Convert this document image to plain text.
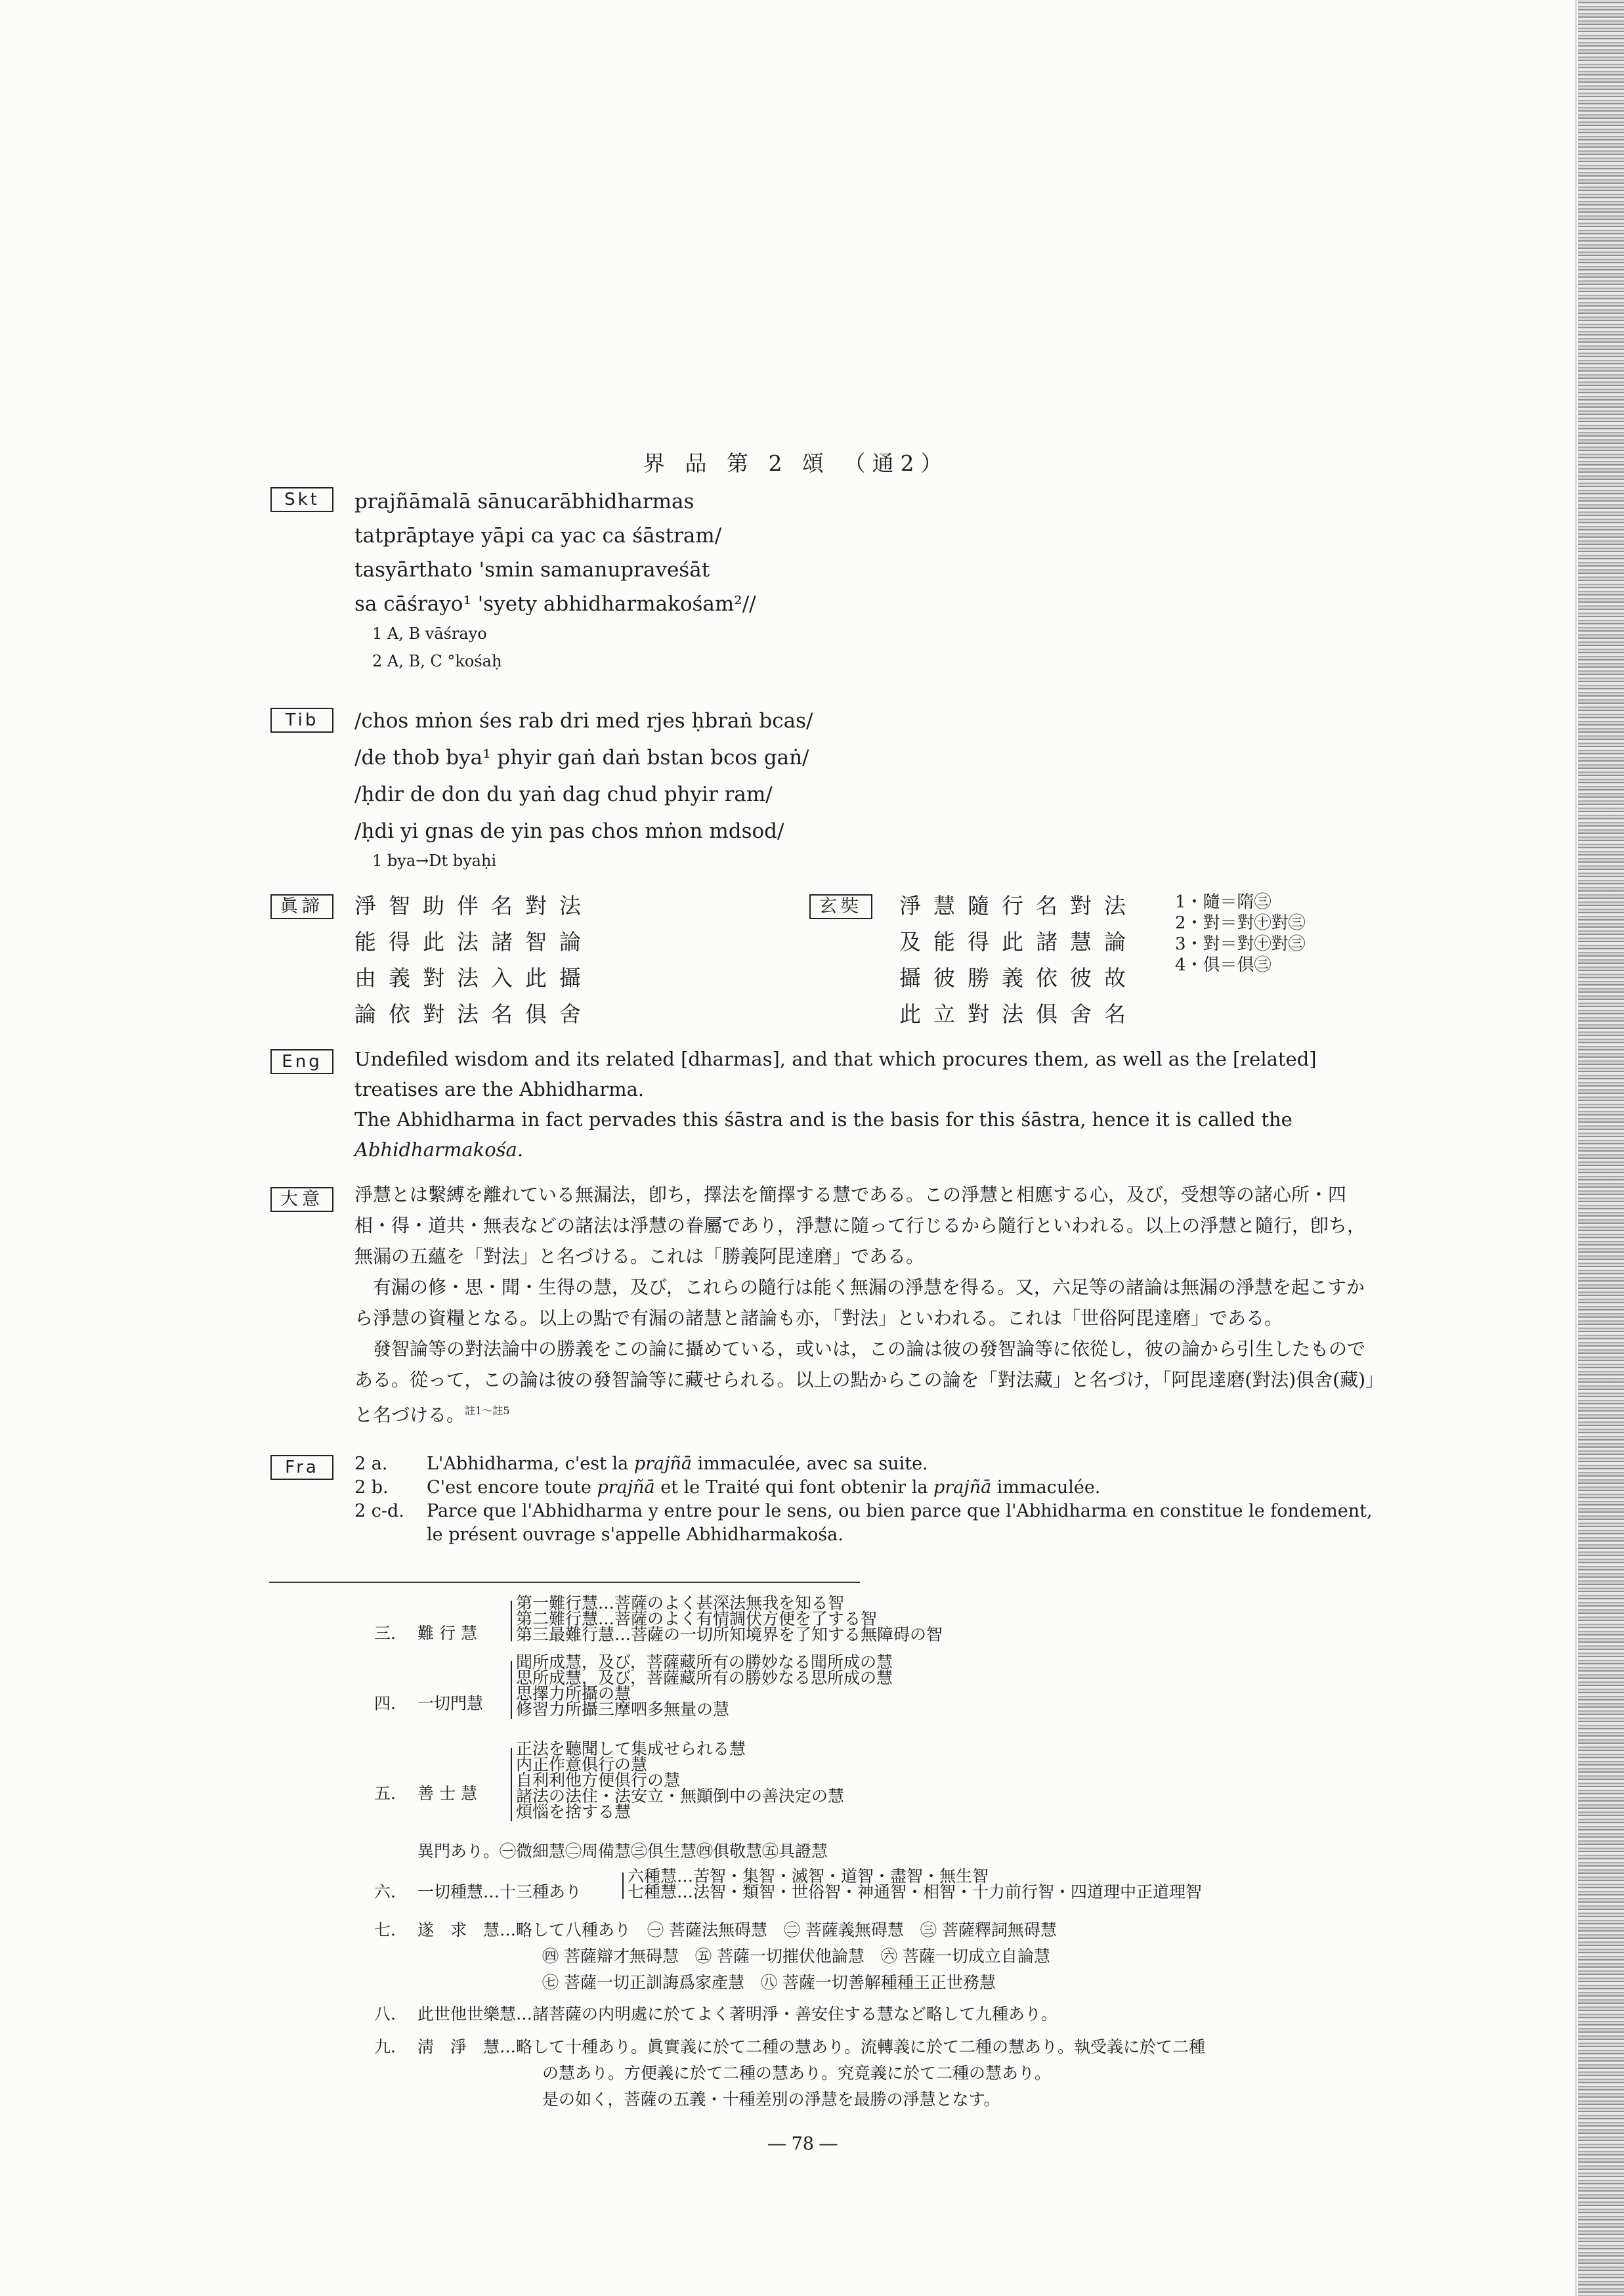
界 品 第 2 頌 （通2）
Skt	prajñāmalā sānucarābhidharmas
tatprāptaye yāpi ca yac ca śāstram/
tasyārthato 'smin samanupraveśāt
sa cāśrayo¹ 'syety abhidharmakośam²//
1 A, B vāśrayo
2 A, B, C °kośaḥ
Tib	/chos mṅon śes rab dri med rjes ḥbraṅ bcas/
/de thob bya¹ phyir gaṅ daṅ bstan bcos gaṅ/
/ḥdir de don du yaṅ dag chud phyir ram/
/ḥdi yi gnas de yin pas chos mṅon mdsod/
1 bya→Dt byaḥi
眞諦	淨智助伴名對法
能得此法諸智論
由義對法入此攝
論依對法名俱舍
玄奘	淨慧隨行名對法
及能得此諸慧論
攝彼勝義依彼故
此立對法俱舍名
1・隨＝隋㊂
2・對＝對㊉對㊂
3・對＝對㊉對㊂
4・俱＝倶㊂
Eng	Undefiled wisdom and its related [dharmas], and that which procures them, as well as the [related] treatises are the Abhidharma.
The Abhidharma in fact pervades this śāstra and is the basis for this śāstra, hence it is called the Abhidharmakośa.
大意	淨慧とは繫縛を離れている無漏法，卽ち，擇法を簡擇する慧である。この淨慧と相應する心，及び，受想等の諸心所・四相・得・道共・無表などの諸法は淨慧の眷屬であり，淨慧に隨って行じるから隨行といわれる。以上の淨慧と隨行，卽ち，無漏の五蘊を「對法」と名づける。これは「勝義阿毘達磨」である。
有漏の修・思・聞・生得の慧，及び，これらの隨行は能く無漏の淨慧を得る。又，六足等の諸論は無漏の淨慧を起こすから淨慧の資糧となる。以上の點で有漏の諸慧と諸論も亦，「對法」といわれる。これは「世俗阿毘達磨」である。
發智論等の對法論中の勝義をこの論に攝めている，或いは，この論は彼の發智論等に依從し，彼の論から引生したものである。從って，この論は彼の發智論等に藏せられる。以上の點からこの論を「對法藏」と名づけ，「阿毘達磨(對法)俱舍(藏)」と名づける。$^{註1〜註5}$
Fra	2 a.	L'Abhidharma, c'est la prajñā immaculée, avec sa suite.
2 b.	C'est encore toute prajñā et le Traité qui font obtenir la prajñā immaculée.
2 c-d.	Parce que l'Abhidharma y entre pour le sens, ou bien parce que l'Abhidharma en constitue le fondement, le présent ouvrage s'appelle Abhidharmakośa.
三. 難行慧
第一難行慧…菩薩のよく甚深法無我を知る智
第二難行慧…菩薩のよく有情調伏方便を了する智
第三最難行慧…菩薩の一切所知境界を了知する無障碍の智
四. 一切門慧
聞所成慧，及び，菩薩藏所有の勝妙なる聞所成の慧
思所成慧，及び，菩薩藏所有の勝妙なる思所成の慧
思擇力所攝の慧
修習力所攝三摩呬多無量の慧
五. 善士慧
正法を聽聞して集成せられる慧
内正作意俱行の慧
自利利他方便俱行の慧
諸法の法住・法安立・無顚倒中の善決定の慧
煩惱を捨する慧
異門あり。㊀微細慧㊁周備慧㊂俱生慧㊃俱敬慧㊄具證慧
六. 一切種慧…十三種あり
六種慧…苦智・集智・滅智・道智・盡智・無生智
七種慧…法智・類智・世俗智・神通智・相智・十力前行智・四道理中正道理智
七. 遂　求　慧…略して八種あり　㊀ 菩薩法無碍慧　㊁ 菩薩義無碍慧　㊂ 菩薩釋詞無碍慧
㊃ 菩薩辯才無碍慧　㊄ 菩薩一切摧伏他論慧　㊅ 菩薩一切成立自論慧
㊆ 菩薩一切正訓誨爲家產慧　㊇ 菩薩一切善解種種王正世務慧
八. 此世他世樂慧…諸菩薩の内明處に於てよく著明淨・善安住する慧など略して九種あり。
九. 淸　淨　慧…略して十種あり。眞實義に於て二種の慧あり。流轉義に於て二種の慧あり。執受義に於て二種
の慧あり。方便義に於て二種の慧あり。究竟義に於て二種の慧あり。
是の如く，菩薩の五義・十種差別の淨慧を最勝の淨慧となす。
― 78 ―
